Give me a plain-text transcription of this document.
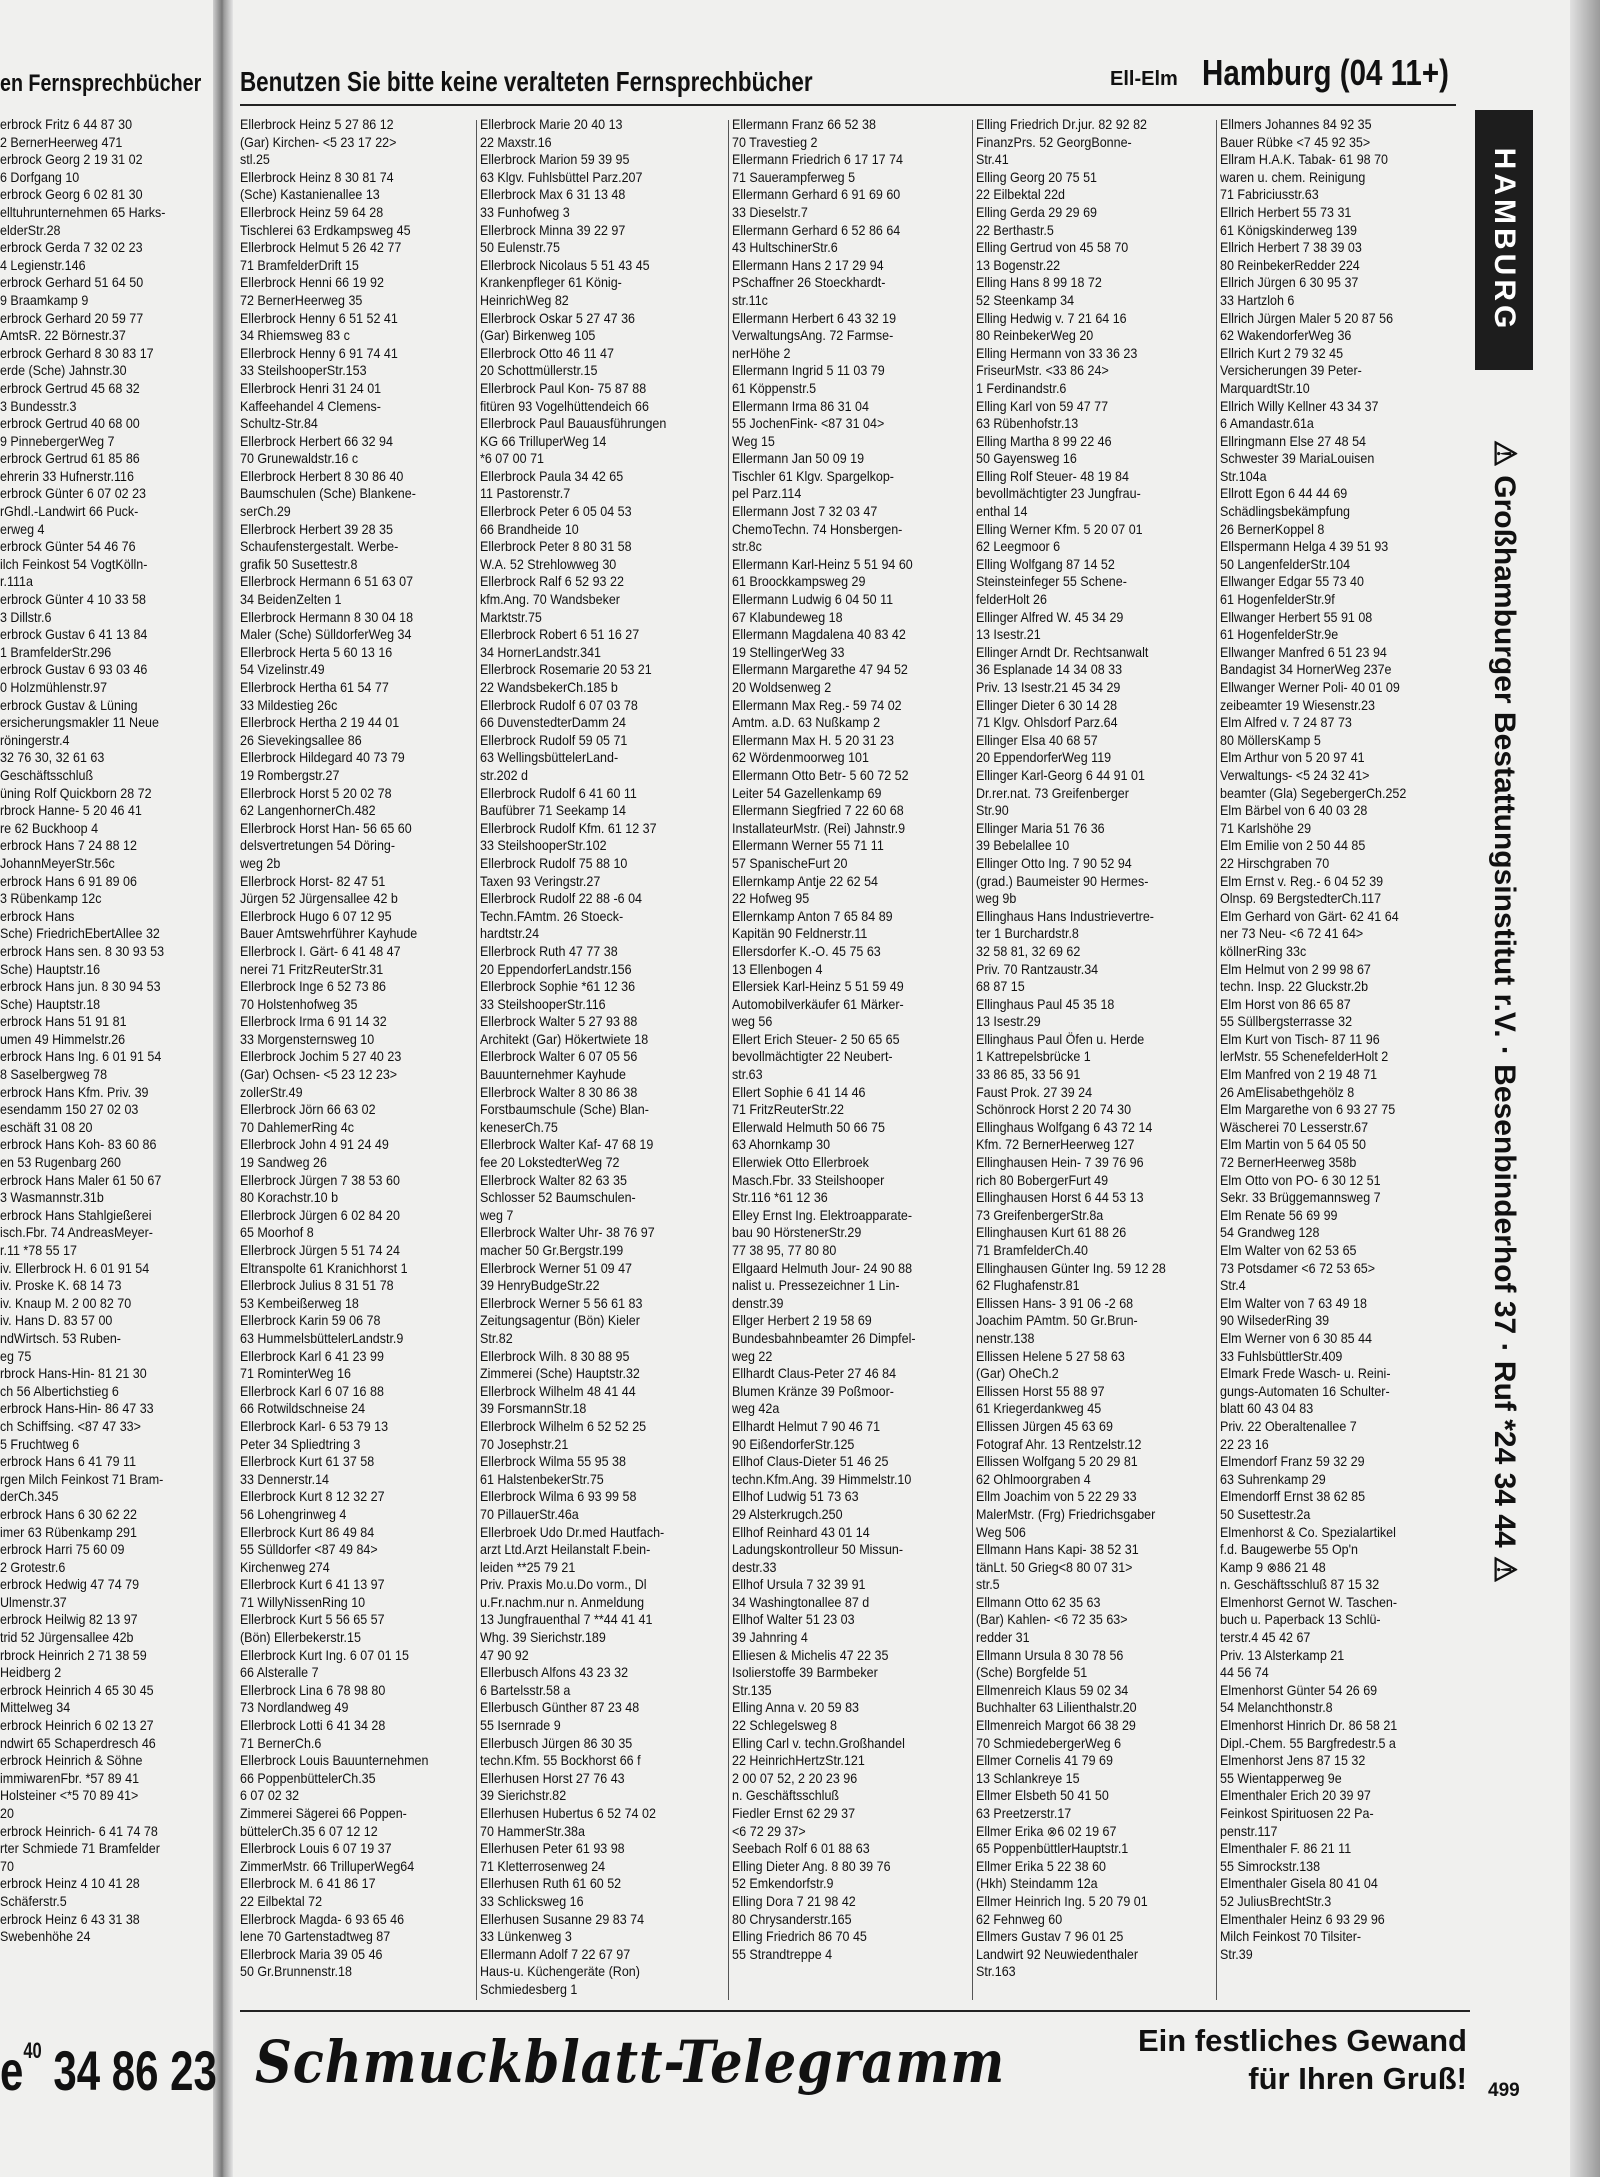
en Fernsprechbücher Benutzen Sie bitte keine veralteten Fernsprechbücher	Ell-Elm Hamburg (04 11+)
erbrock Fritz 6 44 87 30
2 BernerHeerweg 471
erbrock Georg 2 19 31 02
6 Dorfgang 10
erbrock Georg 6 02 81 30
elltuhrunternehmen 65 Harks-
elderStr.28
erbrock Gerda 7 32 02 23
4 Legienstr.146
erbrock Gerhard 51 64 50
9 Braamkamp 9
erbrock Gerhard 20 59 77
AmtsR. 22 Börnestr.37
erbrock Gerhard 8 30 83 17
erde (Sche) Jahnstr.30
erbrock Gertrud 45 68 32
3 Bundesstr.3
erbrock Gertrud 40 68 00
9 PinnebergerWeg 7
erbrock Gertrud 61 85 86
ehrerin 33 Hufnerstr.116
erbrock Günter 6 07 02 23
rGhdl.-Landwirt 66 Puck-
erweg 4
erbrock Günter 54 46 76
ilch Feinkost 54 VogtKölln-
r.111a
erbrock Günter 4 10 33 58
3 Dillstr.6
erbrock Gustav 6 41 13 84
1 BramfelderStr.296
erbrock Gustav 6 93 03 46
0 Holzmühlenstr.97
erbrock Gustav & Lüning
ersicherungsmakler 11 Neue
röningerstr.4
32 76 30, 32 61 63
Geschäftsschluß
üning Rolf Quickborn 28 72
rbrock Hanne- 5 20 46 41
re 62 Buckhoop 4
erbrock Hans 7 24 88 12
JohannMeyerStr.56c
erbrock Hans 6 91 89 06
3 Rübenkamp 12c
erbrock Hans
Sche) FriedrichEbertAllee 32
erbrock Hans sen. 8 30 93 53
Sche) Hauptstr.16
erbrock Hans jun. 8 30 94 53
Sche) Hauptstr.18
erbrock Hans 51 91 81
umen 49 Himmelstr.26
erbrock Hans Ing. 6 01 91 54
8 Saselbergweg 78
erbrock Hans Kfm. Priv. 39
esendamm 150 27 02 03
eschäft 31 08 20
erbrock Hans Koh- 83 60 86
en 53 Rugenbarg 260
erbrock Hans Maler 61 50 67
3 Wasmannstr.31b
erbrock Hans Stahlgießerei
isch.Fbr. 74 AndreasMeyer-
r.11 *78 55 17
iv. Ellerbrock H. 6 01 91 54
iv. Proske K. 68 14 73
iv. Knaup M. 2 00 82 70
iv. Hans D. 83 57 00
ndWirtsch. 53 Ruben-
eg 75
rbrock Hans-Hin- 81 21 30
ch 56 Albertichstieg 6
erbrock Hans-Hin- 86 47 33
ch Schiffsing. <87 47 33>
5 Fruchtweg 6
erbrock Hans 6 41 79 11
rgen Milch Feinkost 71 Bram-
derCh.345
erbrock Hans 6 30 62 22
imer 63 Rübenkamp 291
erbrock Harri 75 60 09
2 Grotestr.6
erbrock Hedwig 47 74 79
Ulmenstr.37
erbrock Heilwig 82 13 97
trid 52 Jürgensallee 42b
rbrock Heinrich 2 71 38 59
Heidberg 2
erbrock Heinrich 4 65 30 45
Mittelweg 34
erbrock Heinrich 6 02 13 27
ndwirt 65 Schaperdresch 46
erbrock Heinrich & Söhne
immiwarenFbr. *57 89 41
Holsteiner <*5 70 89 41>
20
erbrock Heinrich- 6 41 74 78
rter Schmiede 71 Bramfelder
70
erbrock Heinz 4 10 41 28
Schäferstr.5
erbrock Heinz 6 43 31 38
Swebenhöhe 24
Ellerbrock Heinz 5 27 86 12
(Gar) Kirchen- <5 23 17 22>
stl.25
Ellerbrock Heinz 8 30 81 74
(Sche) Kastanienallee 13
Ellerbrock Heinz 59 64 28
Tischlerei 63 Erdkampsweg 45
Ellerbrock Helmut 5 26 42 77
71 BramfelderDrift 15
Ellerbrock Henni 66 19 92
72 BernerHeerweg 35
Ellerbrock Henny 6 51 52 41
34 Rhiemsweg 83 c
Ellerbrock Henny 6 91 74 41
33 SteilshooperStr.153
Ellerbrock Henri 31 24 01
Kaffeehandel 4 Clemens-
Schultz-Str.84
Ellerbrock Herbert 66 32 94
70 Grunewaldstr.16 c
Ellerbrock Herbert 8 30 86 40
Baumschulen (Sche) Blankene-
serCh.29
Ellerbrock Herbert 39 28 35
Schaufenstergestalt. Werbe-
grafik 50 Susettestr.8
Ellerbrock Hermann 6 51 63 07
34 BeidenZelten 1
Ellerbrock Hermann 8 30 04 18
Maler (Sche) SülldorferWeg 34
Ellerbrock Herta 5 60 13 16
54 Vizelinstr.49
Ellerbrock Hertha 61 54 77
33 Mildestieg 26c
Ellerbrock Hertha 2 19 44 01
26 Sievekingsallee 86
Ellerbrock Hildegard 40 73 79
19 Rombergstr.27
Ellerbrock Horst 5 20 02 78
62 LangenhornerCh.482
Ellerbrock Horst Han- 56 65 60
delsvertretungen 54 Döring-
weg 2b
Ellerbrock Horst- 82 47 51
Jürgen 52 Jürgensallee 42 b
Ellerbrock Hugo 6 07 12 95
Bauer Amtswehrführer Kayhude
Ellerbrock I. Gärt- 6 41 48 47
nerei 71 FritzReuterStr.31
Ellerbrock Inge 6 52 73 86
70 Holstenhofweg 35
Ellerbrock Irma 6 91 14 32
33 Morgensternsweg 10
Ellerbrock Jochim 5 27 40 23
(Gar) Ochsen- <5 23 12 23>
zollerStr.49
Ellerbrock Jörn 66 63 02
70 DahlemerRing 4c
Ellerbrock John 4 91 24 49
19 Sandweg 26
Ellerbrock Jürgen 7 38 53 60
80 Korachstr.10 b
Ellerbrock Jürgen 6 02 84 20
65 Moorhof 8
Ellerbrock Jürgen 5 51 74 24
Eltranspolte 61 Kranichhorst 1
Ellerbrock Julius 8 31 51 78
53 Kembeißerweg 18
Ellerbrock Karin 59 06 78
63 HummelsbüttelerLandstr.9
Ellerbrock Karl 6 41 23 99
71 RominterWeg 16
Ellerbrock Karl 6 07 16 88
66 Rotwildschneise 24
Ellerbrock Karl- 6 53 79 13
Peter 34 Spliedtring 3
Ellerbrock Kurt 61 37 58
33 Dennerstr.14
Ellerbrock Kurt 8 12 32 27
56 Lohengrinweg 4
Ellerbrock Kurt 86 49 84
55 Sülldorfer <87 49 84>
Kirchenweg 274
Ellerbrock Kurt 6 41 13 97
71 WillyNissenRing 10
Ellerbrock Kurt 5 56 65 57
(Bön) Ellerbekerstr.15
Ellerbrock Kurt Ing. 6 07 01 15
66 Alsteralle 7
Ellerbrock Lina 6 78 98 80
73 Nordlandweg 49
Ellerbrock Lotti 6 41 34 28
71 BernerCh.6
Ellerbrock Louis Bauunternehmen
66 PoppenbüttelerCh.35
6 07 02 32
Zimmerei Sägerei 66 Poppen-
büttelerCh.35 6 07 12 12
Ellerbrock Louis 6 07 19 37
ZimmerMstr. 66 TrilluperWeg64
Ellerbrock M. 6 41 86 17
22 Eilbektal 72
Ellerbrock Magda- 6 93 65 46
lene 70 Gartenstadtweg 87
Ellerbrock Maria 39 05 46
50 Gr.Brunnenstr.18
Ellerbrock Marie 20 40 13
22 Maxstr.16
Ellerbrock Marion 59 39 95
63 Klgv. Fuhlsbüttel Parz.207
Ellerbrock Max 6 31 13 48
33 Funhofweg 3
Ellerbrock Minna 39 22 97
50 Eulenstr.75
Ellerbrock Nicolaus 5 51 43 45
Krankenpfleger 61 König-
HeinrichWeg 82
Ellerbrock Oskar 5 27 47 36
(Gar) Birkenweg 105
Ellerbrock Otto 46 11 47
20 Schottmüllerstr.15
Ellerbrock Paul Kon- 75 87 88
fitüren 93 Vogelhüttendeich 66
Ellerbrock Paul Bauausführungen
KG 66 TrilluperWeg 14
*6 07 00 71
Ellerbrock Paula 34 42 65
11 Pastorenstr.7
Ellerbrock Peter 6 05 04 53
66 Brandheide 10
Ellerbrock Peter 8 80 31 58
W.A. 52 Strehlowweg 30
Ellerbrock Ralf 6 52 93 22
kfm.Ang. 70 Wandsbeker
Marktstr.75
Ellerbrock Robert 6 51 16 27
34 HornerLandstr.341
Ellerbrock Rosemarie 20 53 21
22 WandsbekerCh.185 b
Ellerbrock Rudolf 6 07 03 78
66 DuvenstedterDamm 24
Ellerbrock Rudolf 59 05 71
63 WellingsbüttelerLand-
str.202 d
Ellerbrock Rudolf 6 41 60 11
Baufübrer 71 Seekamp 14
Ellerbrock Rudolf Kfm. 61 12 37
33 SteilshooperStr.102
Ellerbrock Rudolf 75 88 10
Taxen 93 Veringstr.27
Ellerbrock Rudolf 22 88 -6 04
Techn.FAmtm. 26 Stoeck-
hardtstr.24
Ellerbrock Ruth 47 77 38
20 EppendorferLandstr.156
Ellerbrock Sophie *61 12 36
33 SteilshooperStr.116
Ellerbrock Walter 5 27 93 88
Architekt (Gar) Hökertwiete 18
Ellerbrock Walter 6 07 05 56
Bauunternehmer Kayhude
Ellerbrock Walter 8 30 86 38
Forstbaumschule (Sche) Blan-
keneserCh.75
Ellerbrock Walter Kaf- 47 68 19
fee 20 LokstedterWeg 72
Ellerbrock Walter 82 63 35
Schlosser 52 Baumschulen-
weg 7
Ellerbrock Walter Uhr- 38 76 97
macher 50 Gr.Bergstr.199
Ellerbrock Werner 51 09 47
39 HenryBudgeStr.22
Ellerbrock Werner 5 56 61 83
Zeitungsagentur (Bön) Kieler
Str.82
Ellerbrock Wilh. 8 30 88 95
Zimmerei (Sche) Hauptstr.32
Ellerbrock Wilhelm 48 41 44
39 ForsmannStr.18
Ellerbrock Wilhelm 6 52 52 25
70 Josephstr.21
Ellerbrock Wilma 55 95 38
61 HalstenbekerStr.75
Ellerbrock Wilma 6 93 99 58
70 PillauerStr.46a
Ellerbroek Udo Dr.med Hautfach-
arzt Ltd.Arzt Heilanstalt F.bein-
leiden **25 79 21
Priv. Praxis Mo.u.Do vorm., Dl
u.Fr.nachm.nur n. Anmeldung
13 Jungfrauenthal 7 **44 41 41
Whg. 39 Sierichstr.189
47 90 92
Ellerbusch Alfons 43 23 32
6 Bartelsstr.58 a
Ellerbusch Günther 87 23 48
55 Isernrade 9
Ellerbusch Jürgen 86 30 35
techn.Kfm. 55 Bockhorst 66 f
Ellerhusen Horst 27 76 43
39 Sierichstr.82
Ellerhusen Hubertus 6 52 74 02
70 HammerStr.38a
Ellerhusen Peter 61 93 98
71 Kletterrosenweg 24
Ellerhusen Ruth 61 60 52
33 Schlicksweg 16
Ellerhusen Susanne 29 83 74
33 Lünkenweg 3
Ellermann Adolf 7 22 67 97
Haus-u. Küchengeräte (Ron)
Schmiedesberg 1
Ellermann Franz 66 52 38
70 Travestieg 2
Ellermann Friedrich 6 17 17 74
71 Sauerampferweg 5
Ellermann Gerhard 6 91 69 60
33 Dieselstr.7
Ellermann Gerhard 6 52 86 64
43 HultschinerStr.6
Ellermann Hans 2 17 29 94
PSchaffner 26 Stoeckhardt-
str.11c
Ellermann Herbert 6 43 32 19
VerwaltungsAng. 72 Farmse-
nerHöhe 2
Ellermann Ingrid 5 11 03 79
61 Köppenstr.5
Ellermann Irma 86 31 04
55 JochenFink- <87 31 04>
Weg 15
Ellermann Jan 50 09 19
Tischler 61 Klgv. Spargelkop-
pel Parz.114
Ellermann Jost 7 32 03 47
ChemoTechn. 74 Honsbergen-
str.8c
Ellermann Karl-Heinz 5 51 94 60
61 Broockkampsweg 29
Ellermann Ludwig 6 04 50 11
67 Klabundeweg 18
Ellermann Magdalena 40 83 42
19 StellingerWeg 33
Ellermann Margarethe 47 94 52
20 Woldsenweg 2
Ellermann Max Reg.- 59 74 02
Amtm. a.D. 63 Nußkamp 2
Ellermann Max H. 5 20 31 23
62 Wördenmoorweg 101
Ellermann Otto Betr- 5 60 72 52
Leiter 54 Gazellenkamp 69
Ellermann Siegfried 7 22 60 68
InstallateurMstr. (Rei) Jahnstr.9
Ellermann Werner 55 71 11
57 SpanischeFurt 20
Ellernkamp Antje 22 62 54
22 Hofweg 95
Ellernkamp Anton 7 65 84 89
Kapitän 90 Feldnerstr.11
Ellersdorfer K.-O. 45 75 63
13 Ellenbogen 4
Ellersiek Karl-Heinz 5 51 59 49
Automobilverkäufer 61 Märker-
weg 56
Ellert Erich Steuer- 2 50 65 65
bevollmächtigter 22 Neubert-
str.63
Ellert Sophie 6 41 14 46
71 FritzReuterStr.22
Ellerwald Helmuth 50 66 75
63 Ahornkamp 30
Ellerwiek Otto Ellerbroek
Masch.Fbr. 33 Steilshooper
Str.116 *61 12 36
Elley Ernst Ing. Elektroapparate-
bau 90 HörstenerStr.29
77 38 95, 77 80 80
Ellgaard Helmuth Jour- 24 90 88
nalist u. Pressezeichner 1 Lin-
denstr.39
Ellger Herbert 2 19 58 69
Bundesbahnbeamter 26 Dimpfel-
weg 22
Ellhardt Claus-Peter 27 46 84
Blumen Kränze 39 Poßmoor-
weg 42a
Ellhardt Helmut 7 90 46 71
90 EißendorferStr.125
Ellhof Claus-Dieter 51 46 25
techn.Kfm.Ang. 39 Himmelstr.10
Ellhof Ludwig 51 73 63
29 Alsterkrugch.250
Ellhof Reinhard 43 01 14
Ladungskontrolleur 50 Missun-
destr.33
Ellhof Ursula 7 32 39 91
34 Washingtonallee 87 d
Ellhof Walter 51 23 03
39 Jahnring 4
Elliesen & Michelis 47 22 35
Isolierstoffe 39 Barmbeker
Str.135
Elling Anna v. 20 59 83
22 Schlegelsweg 8
Elling Carl v. techn.Großhandel
22 HeinrichHertzStr.121
2 00 07 52, 2 20 23 96
n. Geschäftsschluß
Fiedler Ernst 62 29 37
<6 72 29 37>
Seebach Rolf 6 01 88 63
Elling Dieter Ang. 8 80 39 76
52 Emkendorfstr.9
Elling Dora 7 21 98 42
80 Chrysanderstr.165
Elling Friedrich 86 70 45
55 Strandtreppe 4
Elling Friedrich Dr.jur. 82 92 82
FinanzPrs. 52 GeorgBonne-
Str.41
Elling Georg 20 75 51
22 Eilbektal 22d
Elling Gerda 29 29 69
22 Berthastr.5
Elling Gertrud von 45 58 70
13 Bogenstr.22
Elling Hans 8 99 18 72
52 Steenkamp 34
Elling Hedwig v. 7 21 64 16
80 ReinbekerWeg 20
Elling Hermann von 33 36 23
FriseurMstr. <33 86 24>
1 Ferdinandstr.6
Elling Karl von 59 47 77
63 Rübenhofstr.13
Elling Martha 8 99 22 46
50 Gayensweg 16
Elling Rolf Steuer- 48 19 84
bevollmächtigter 23 Jungfrau-
enthal 14
Elling Werner Kfm. 5 20 07 01
62 Leegmoor 6
Elling Wolfgang 87 14 52
Steinsteinfeger 55 Schene-
felderHolt 26
Ellinger Alfred W. 45 34 29
13 Isestr.21
Ellinger Arndt Dr. Rechtsanwalt
36 Esplanade 14 34 08 33
Priv. 13 Isestr.21 45 34 29
Ellinger Dieter 6 30 14 28
71 Klgv. Ohlsdorf Parz.64
Ellinger Elsa 40 68 57
20 EppendorferWeg 119
Ellinger Karl-Georg 6 44 91 01
Dr.rer.nat. 73 Greifenberger
Str.90
Ellinger Maria 51 76 36
39 Bebelallee 10
Ellinger Otto Ing. 7 90 52 94
(grad.) Baumeister 90 Hermes-
weg 9b
Ellinghaus Hans Industrievertre-
ter 1 Burchardstr.8
32 58 81, 32 69 62
Priv. 70 Rantzaustr.34
68 87 15
Ellinghaus Paul 45 35 18
13 Isestr.29
Ellinghaus Paul Öfen u. Herde
1 Kattrepelsbrücke 1
33 86 85, 33 56 91
Faust Prok. 27 39 24
Schönrock Horst 2 20 74 30
Ellinghaus Wolfgang 6 43 72 14
Kfm. 72 BernerHeerweg 127
Ellinghausen Hein- 7 39 76 96
rich 80 BobergerFurt 49
Ellinghausen Horst 6 44 53 13
73 GreifenbergerStr.8a
Ellinghausen Kurt 61 88 26
71 BramfelderCh.40
Ellinghausen Günter Ing. 59 12 28
62 Flughafenstr.81
Ellissen Hans- 3 91 06 -2 68
Joachim PAmtm. 50 Gr.Brun-
nenstr.138
Ellissen Helene 5 27 58 63
(Gar) OheCh.2
Ellissen Horst 55 88 97
61 Kriegerdankweg 45
Ellissen Jürgen 45 63 69
Fotograf Ahr. 13 Rentzelstr.12
Ellissen Wolfgang 5 20 29 81
62 Ohlmoorgraben 4
Ellm Joachim von 5 22 29 33
MalerMstr. (Frg) Friedrichsgaber
Weg 506
Ellmann Hans Kapi- 38 52 31
tänLt. 50 Grieg<8 80 07 31>
str.5
Ellmann Otto 62 35 63
(Bar) Kahlen- <6 72 35 63>
redder 31
Ellmann Ursula 8 30 78 56
(Sche) Borgfelde 51
Ellmenreich Klaus 59 02 34
Buchhalter 63 Lilienthalstr.20
Ellmenreich Margot 66 38 29
70 SchmiedebergerWeg 6
Ellmer Cornelis 41 79 69
13 Schlankreye 15
Ellmer Elsbeth 50 41 50
63 Preetzerstr.17
Ellmer Erika ⊗6 02 19 67
65 PoppenbüttlerHauptstr.1
Ellmer Erika 5 22 38 60
(Hkh) Steindamm 12a
Ellmer Heinrich Ing. 5 20 79 01
62 Fehnweg 60
Ellmers Gustav 7 96 01 25
Landwirt 92 Neuwiedenthaler
Str.163
Ellmers Johannes 84 92 35
Bauer Rübke <7 45 92 35>
Ellram H.A.K. Tabak- 61 98 70
waren u. chem. Reinigung
71 Fabriciusstr.63
Ellrich Herbert 55 73 31
61 Königskinderweg 139
Ellrich Herbert 7 38 39 03
80 ReinbekerRedder 224
Ellrich Jürgen 6 30 95 37
33 Hartzloh 6
Ellrich Jürgen Maler 5 20 87 56
62 WakendorferWeg 36
Ellrich Kurt 2 79 32 45
Versicherungen 39 Peter-
MarquardtStr.10
Ellrich Willy Kellner 43 34 37
6 Amandastr.61a
Ellringmann Else 27 48 54
Schwester 39 MariaLouisen
Str.104a
Ellrott Egon 6 44 44 69
Schädlingsbekämpfung
26 BernerKoppel 8
Ellspermann Helga 4 39 51 93
50 LangenfelderStr.104
Ellwanger Edgar 55 73 40
61 HogenfelderStr.9f
Ellwanger Herbert 55 91 08
61 HogenfelderStr.9e
Ellwanger Manfred 6 51 23 94
Bandagist 34 HornerWeg 237e
Ellwanger Werner Poli- 40 01 09
zeibeamter 19 Wiesenstr.23
Elm Alfred v. 7 24 87 73
80 MöllersKamp 5
Elm Arthur von 5 20 97 41
Verwaltungs- <5 24 32 41>
beamter (Gla) SegebergerCh.252
Elm Bärbel von 6 40 03 28
71 Karlshöhe 29
Elm Emilie von 2 50 44 85
22 Hirschgraben 70
Elm Ernst v. Reg.- 6 04 52 39
Olnsp. 69 BergstedterCh.117
Elm Gerhard von Gärt- 62 41 64
ner 73 Neu- <6 72 41 64>
köllnerRing 33c
Elm Helmut von 2 99 98 67
techn. Insp. 22 Gluckstr.2b
Elm Horst von 86 65 87
55 Süllbergsterrasse 32
Elm Kurt von Tisch- 87 11 96
lerMstr. 55 SchenefelderHolt 2
Elm Manfred von 2 19 48 71
26 AmElisabethgehölz 8
Elm Margarethe von 6 93 27 75
Wäscherei 70 Lesserstr.67
Elm Martin von 5 64 05 50
72 BernerHeerweg 358b
Elm Otto von PO- 6 30 12 51
Sekr. 33 Brüggemannsweg 7
Elm Renate 56 69 99
54 Grandweg 128
Elm Walter von 62 53 65
73 Potsdamer <6 72 53 65>
Str.4
Elm Walter von 7 63 49 18
90 WilsederRing 39
Elm Werner von 6 30 85 44
33 FuhlsbüttlerStr.409
Elmark Frede Wasch- u. Reini-
gungs-Automaten 16 Schulter-
blatt 60 43 04 83
Priv. 22 Oberaltenallee 7
22 23 16
Elmendorf Franz 59 32 29
63 Suhrenkamp 29
Elmendorff Ernst 38 62 85
50 Susettestr.2a
Elmenhorst & Co. Spezialartikel
f.d. Baugewerbe 55 Op'n
Kamp 9 ⊗86 21 48
n. Geschäftsschluß 87 15 32
Elmenhorst Gernot W. Taschen-
buch u. Paperback 13 Schlü-
terstr.4 45 42 67
Priv. 13 Alsterkamp 21
44 56 74
Elmenhorst Günter 54 26 69
54 Melanchthonstr.8
Elmenhorst Hinrich Dr. 86 58 21
Dipl.-Chem. 55 Bargfredestr.5 a
Elmenhorst Jens 87 15 32
55 Wientapperweg 9e
Elmenthaler Erich 20 39 97
Feinkost Spirituosen 22 Pa-
penstr.117
Elmenthaler F. 86 21 11
55 Simrockstr.138
Elmenthaler Gisela 80 41 04
52 JuliusBrechtStr.3
Elmenthaler Heinz 6 93 29 96
Milch Feinkost 70 Tilsiter-
Str.39
HAMBURG
⚠ Großhamburger Bestattungsinstitut r.V. · Besenbinderhof 37 · Ruf *24 34 44 ⚠
$e^{40}$ 34 86 23 Schmuckblatt-Telegramm	Ein festliches Gewand
für Ihren Gruß! 499
